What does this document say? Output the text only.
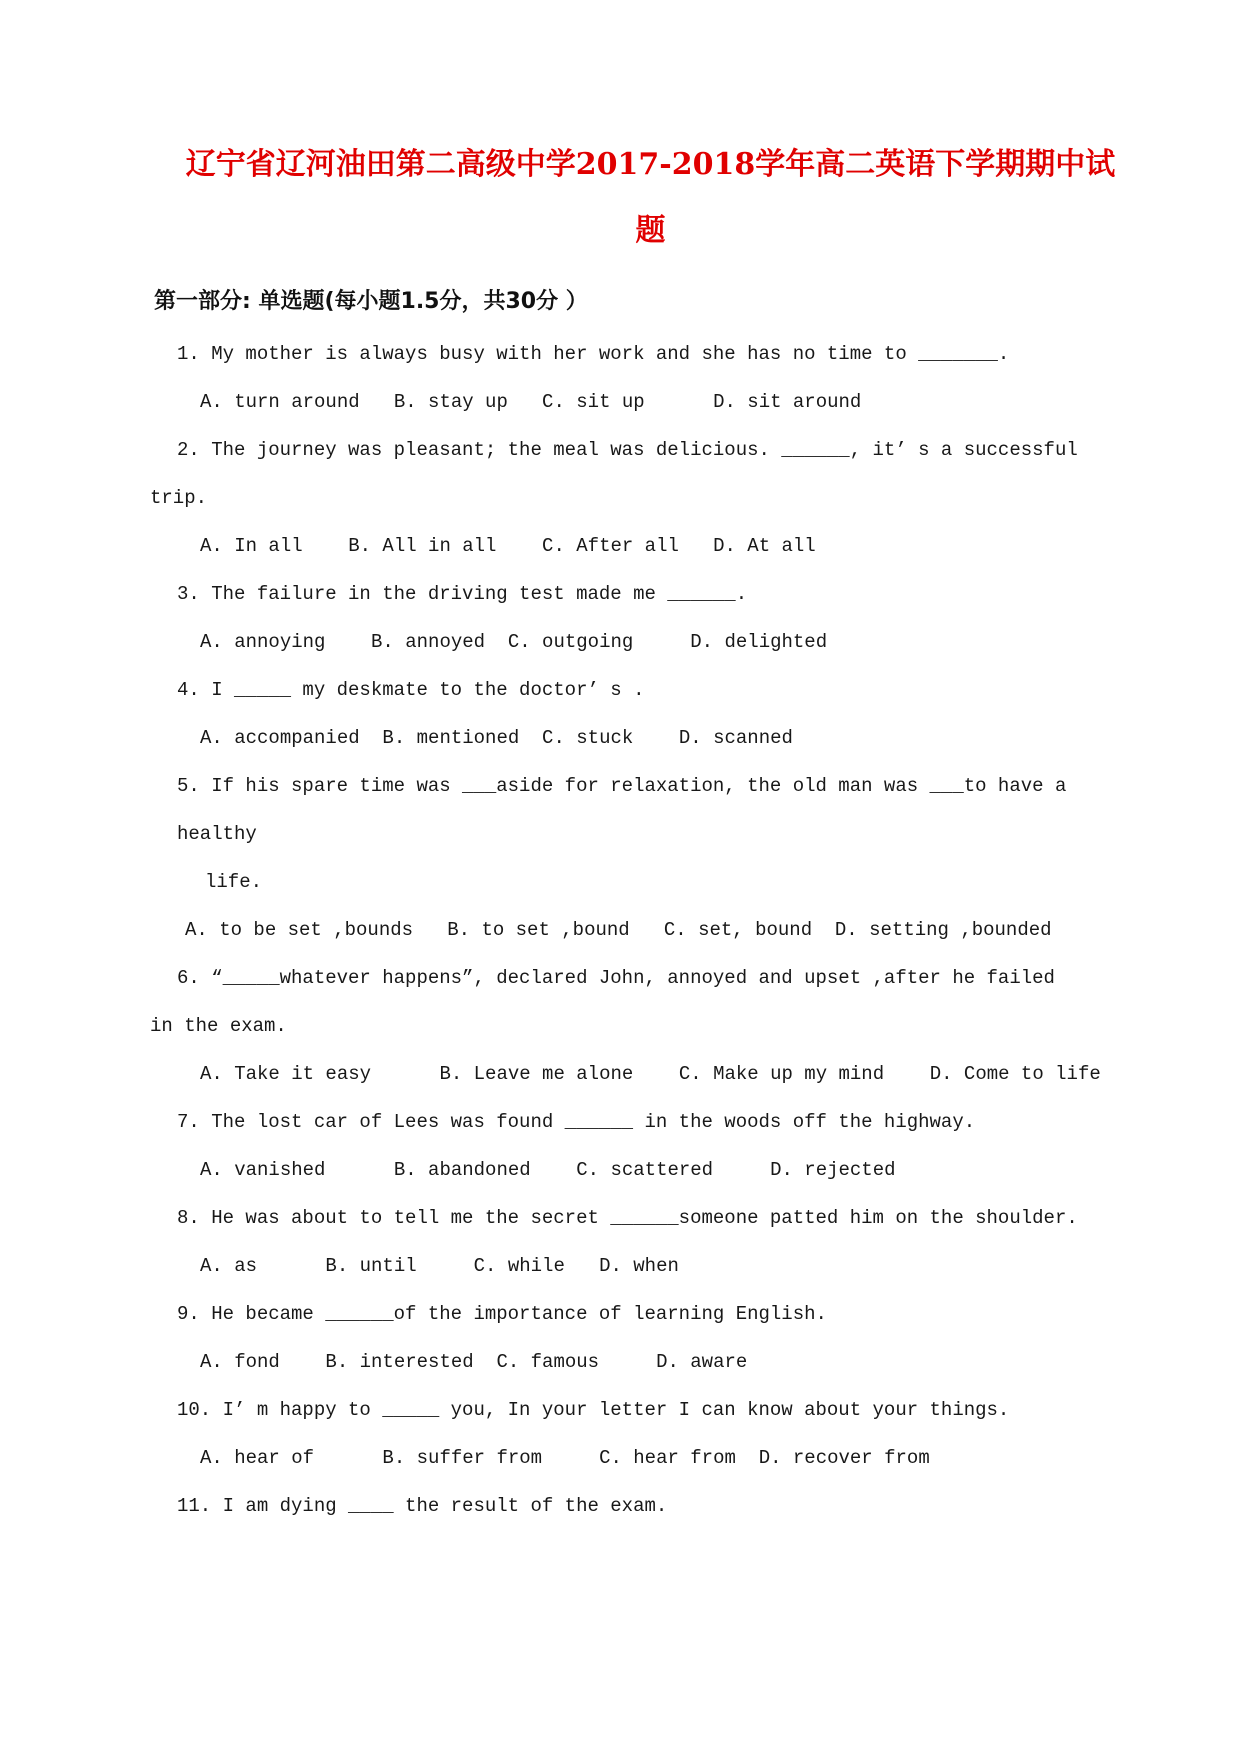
辽宁省辽河油田第二高级中学2017-2018学年高二英语下学期期中试
题
第一部分: 单选题(每小题1.5分，共30分 ）
1. My mother is always busy with her work and she has no time to _______.
A. turn around   B. stay up   C. sit up      D. sit around
2. The journey was pleasant; the meal was delicious. ______, it’ s a successful
trip.
A. In all    B. All in all    C. After all   D. At all
3. The failure in the driving test made me ______.
A. annoying    B. annoyed  C. outgoing     D. delighted
4. I _____ my deskmate to the doctor’ s .
A. accompanied  B. mentioned  C. stuck    D. scanned
5. If his spare time was ___aside for relaxation, the old man was ___to have a healthy
life.
A. to be set ,bounds   B. to set ,bound   C. set, bound  D. setting ,bounded
6. “_____whatever happens”, declared John, annoyed and upset ,after he failed
in the exam.
A. Take it easy      B. Leave me alone    C. Make up my mind    D. Come to life
7. The lost car of Lees was found ______ in the woods off the highway.
A. vanished      B. abandoned    C. scattered     D. rejected
8. He was about to tell me the secret ______someone patted him on the shoulder.
A. as      B. until     C. while   D. when
9. He became ______of the importance of learning English.
A. fond    B. interested  C. famous     D. aware
10. I’ m happy to _____ you, In your letter I can know about your things.
A. hear of      B. suffer from     C. hear from  D. recover from
11. I am dying ____ the result of the exam.
